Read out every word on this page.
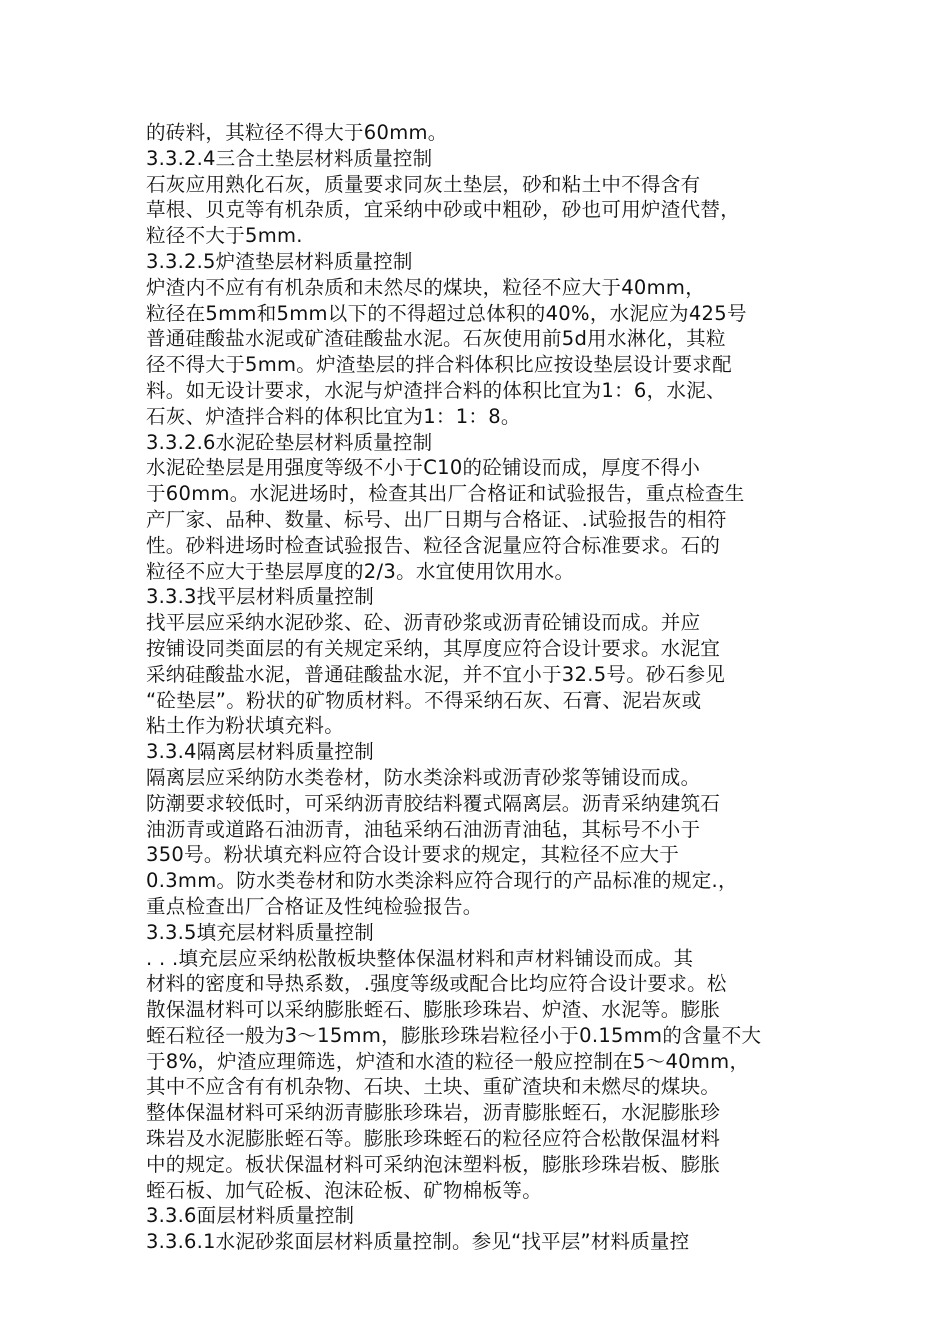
的砖料，其粒径不得大于60mm。
3.3.2.4三合土垫层材料质量控制
石灰应用熟化石灰，质量要求同灰土垫层，砂和粘土中不得含有
草根、贝克等有机杂质，宜采纳中砂或中粗砂，砂也可用炉渣代替，
粒径不大于5mm.
3.3.2.5炉渣垫层材料质量控制
炉渣内不应有有机杂质和未然尽的煤块，粒径不应大于40mm，
粒径在5mm和5mm以下的不得超过总体积的40%，水泥应为425号
普通硅酸盐水泥或矿渣硅酸盐水泥。石灰使用前5d用水淋化，其粒
径不得大于5mm。炉渣垫层的拌合料体积比应按设垫层设计要求配
料。如无设计要求，水泥与炉渣拌合料的体积比宜为1：6，水泥、
石灰、炉渣拌合料的体积比宜为1：1：8。
3.3.2.6水泥砼垫层材料质量控制
水泥砼垫层是用强度等级不小于C10的砼铺设而成，厚度不得小
于60mm。水泥进场时，检查其出厂合格证和试验报告，重点检查生
产厂家、品种、数量、标号、出厂日期与合格证、.试验报告的相符
性。砂料进场时检查试验报告、粒径含泥量应符合标准要求。石的
粒径不应大于垫层厚度的2/3。水宜使用饮用水。
3.3.3找平层材料质量控制
找平层应采纳水泥砂浆、砼、沥青砂浆或沥青砼铺设而成。并应
按铺设同类面层的有关规定采纳，其厚度应符合设计要求。水泥宜
采纳硅酸盐水泥，普通硅酸盐水泥，并不宜小于32.5号。砂石参见
“砼垫层”。粉状的矿物质材料。不得采纳石灰、石膏、泥岩灰或
粘土作为粉状填充料。
3.3.4隔离层材料质量控制
隔离层应采纳防水类卷材，防水类涂料或沥青砂浆等铺设而成。
防潮要求较低时，可采纳沥青胶结料覆式隔离层。沥青采纳建筑石
油沥青或道路石油沥青，油毡采纳石油沥青油毡，其标号不小于
350号。粉状填充料应符合设计要求的规定，其粒径不应大于
0.3mm。防水类卷材和防水类涂料应符合现行的产品标准的规定.，
重点检查出厂合格证及性纯检验报告。
3.3.5填充层材料质量控制
. . .填充层应采纳松散板块整体保温材料和声材料铺设而成。其
材料的密度和导热系数，.强度等级或配合比均应符合设计要求。松
散保温材料可以采纳膨胀蛭石、膨胀珍珠岩、炉渣、水泥等。膨胀
蛭石粒径一般为3～15mm，膨胀珍珠岩粒径小于0.15mm的含量不大
于8%，炉渣应理筛选，炉渣和水渣的粒径一般应控制在5～40mm，
其中不应含有有机杂物、石块、土块、重矿渣块和未燃尽的煤块。
整体保温材料可采纳沥青膨胀珍珠岩，沥青膨胀蛭石，水泥膨胀珍
珠岩及水泥膨胀蛭石等。膨胀珍珠蛭石的粒径应符合松散保温材料
中的规定。板状保温材料可采纳泡沫塑料板，膨胀珍珠岩板、膨胀
蛭石板、加气砼板、泡沫砼板、矿物棉板等。
3.3.6面层材料质量控制
3.3.6.1水泥砂浆面层材料质量控制。参见“找平层”材料质量控
